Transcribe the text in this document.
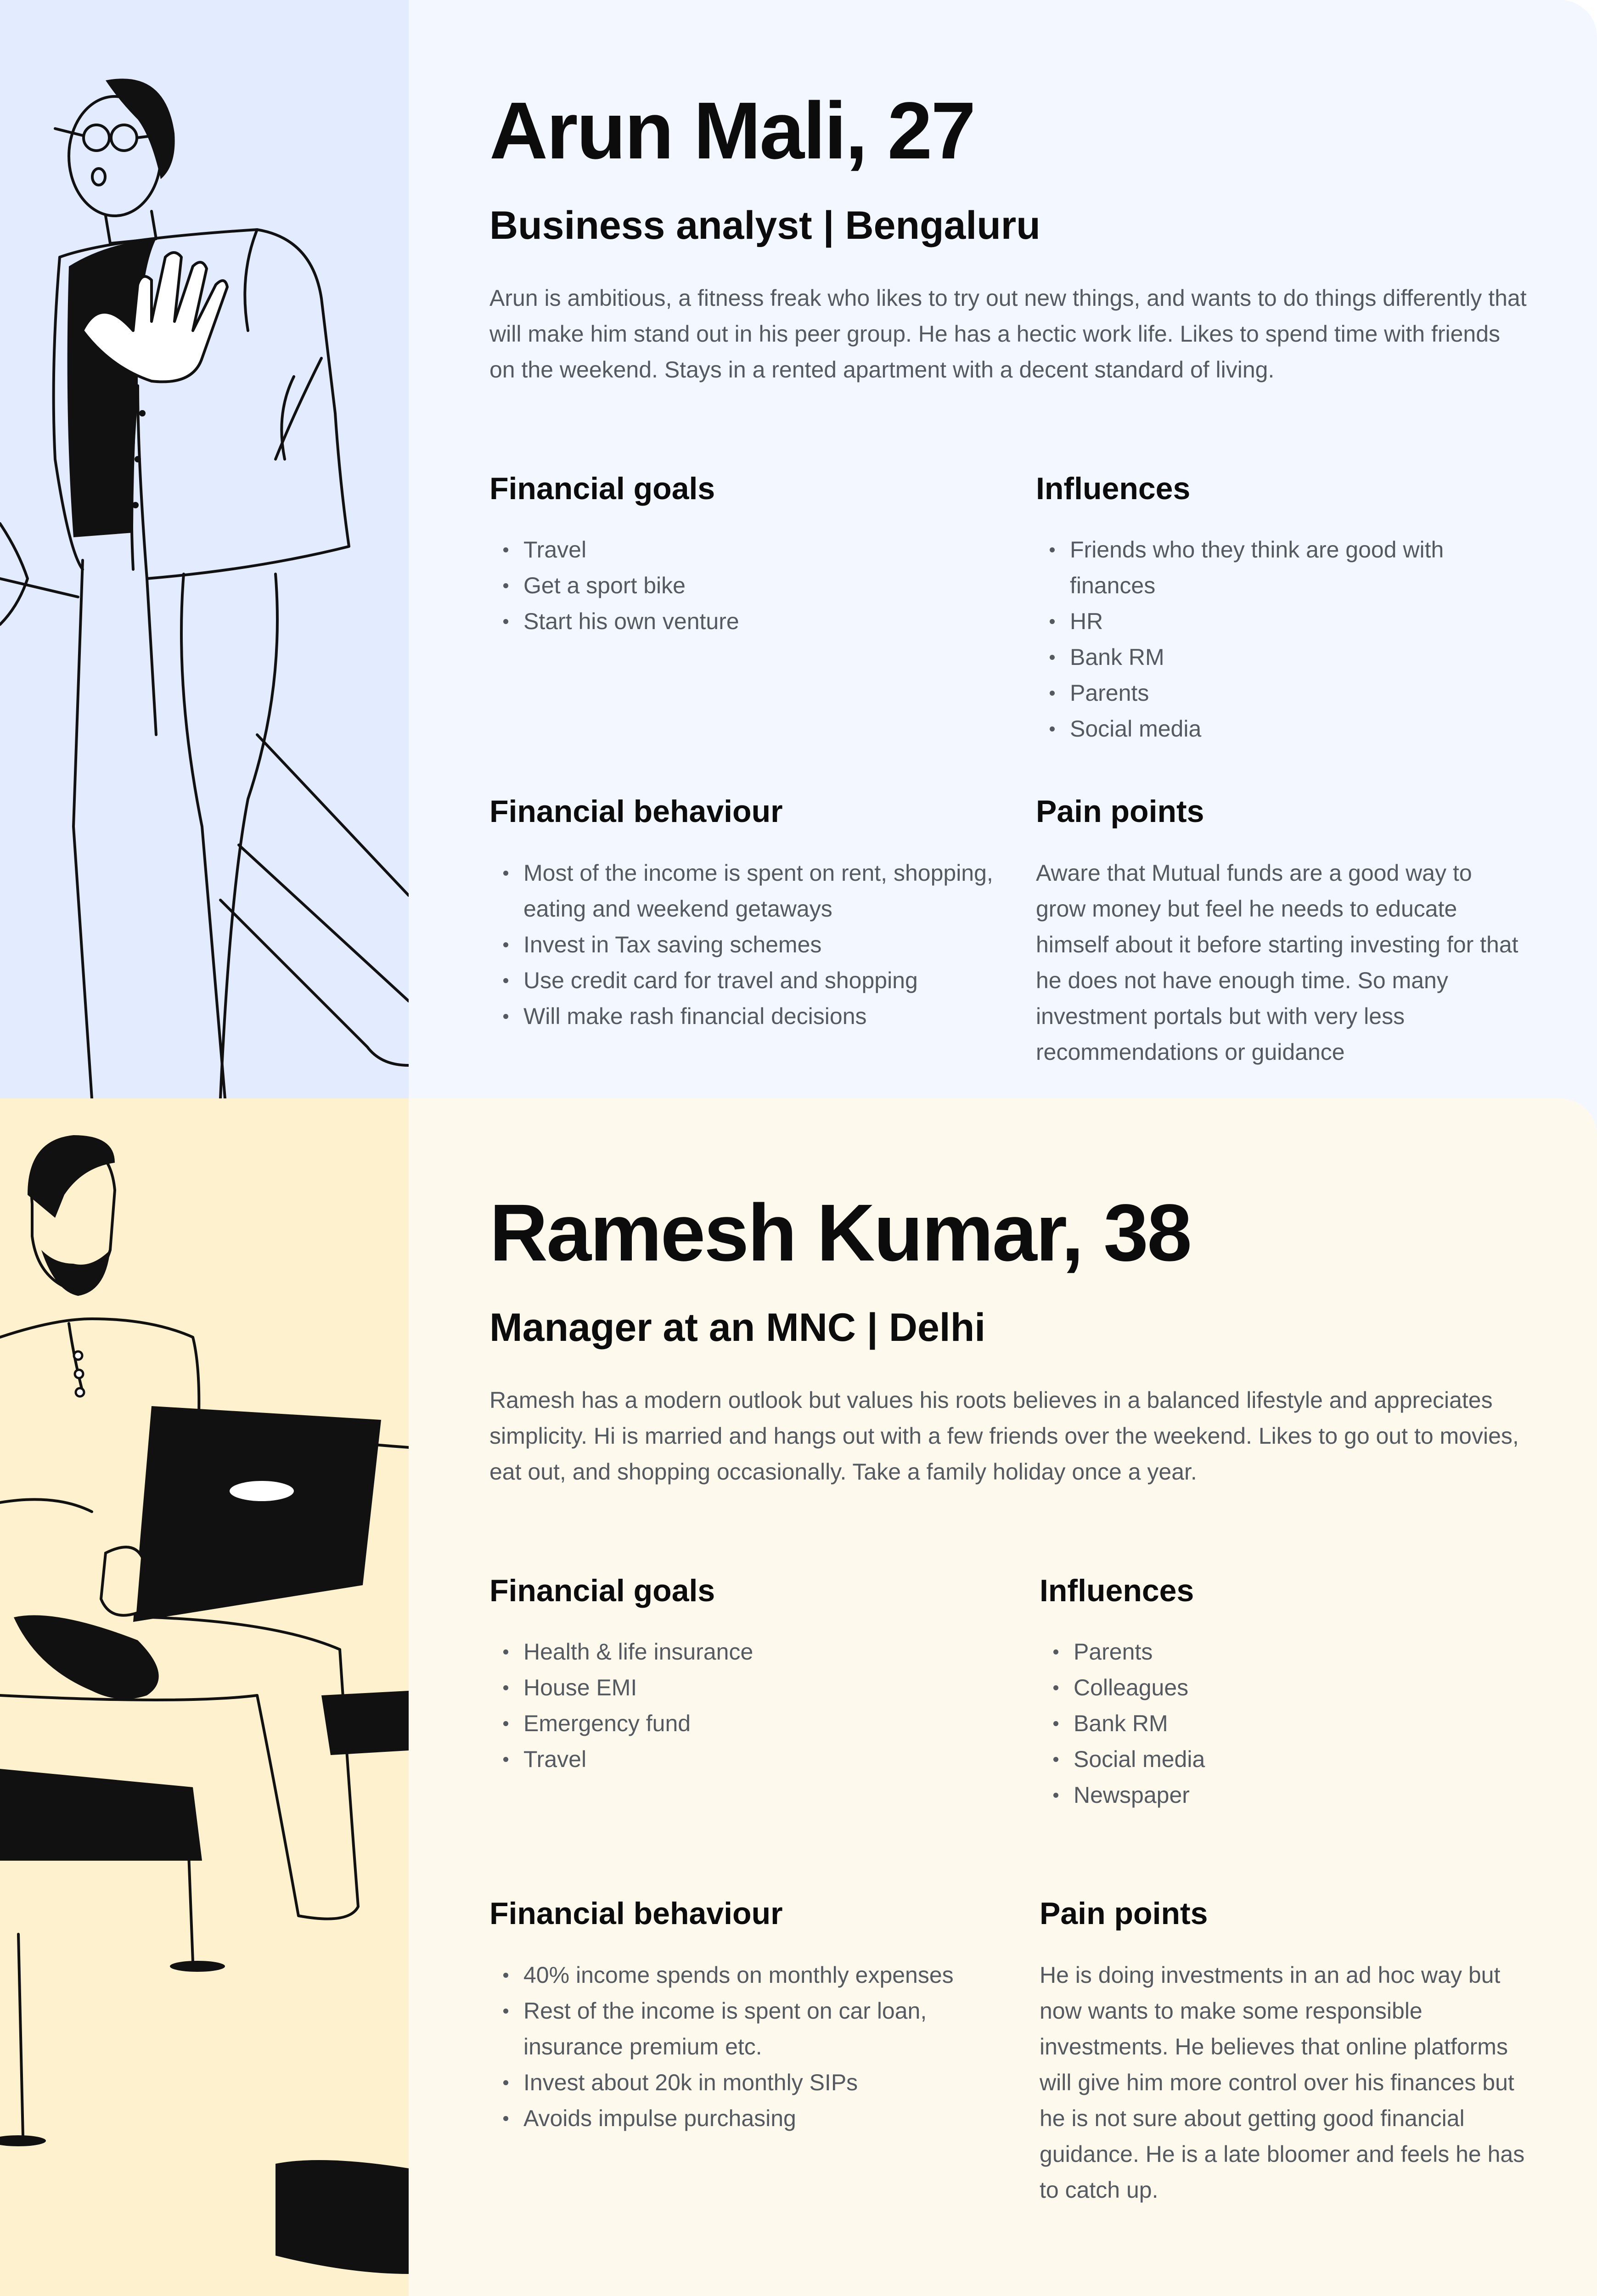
Arun Mali, 27
Business analyst | Bengaluru
Arun is ambitious, a fitness freak who likes to try out new things, and wants to do things differently that will make him stand out in his peer group. He has a hectic work life. Likes to spend time with friends on the weekend. Stays in a rented apartment with a decent standard of living.
Financial goals
Travel
Get a sport bike
Start his own venture
Influences
Friends who they think are good with finances
HR
Bank RM
Parents
Social media
Financial behaviour
Most of the income is spent on rent, shopping, eating and weekend getaways
Invest in Tax saving schemes
Use credit card for travel and shopping
Will make rash financial decisions
Pain points
Aware that Mutual funds are a good way to grow money but feel he needs to educate himself about it before starting investing for that he does not have enough time. So many investment portals but with very less recommendations or guidance
Ramesh Kumar, 38
Manager at an MNC | Delhi
Ramesh has a modern outlook but values his roots believes in a balanced lifestyle and appreciates simplicity. Hi is married and hangs out with a few friends over the weekend. Likes to go out to movies, eat out, and shopping occasionally. Take a family holiday once a year.
Financial goals
Health & life insurance
House EMI
Emergency fund
Travel
Influences
Parents
Colleagues
Bank RM
Social media
Newspaper
Financial behaviour
40% income spends on monthly expenses
Rest of the income is spent on car loan, insurance premium etc.
Invest about 20k in monthly SIPs
Avoids impulse purchasing
Pain points
He is doing investments in an ad hoc way but now wants to make some responsible investments. He believes that online platforms will give him more control over his finances but he is not sure about getting good financial guidance. He is a late bloomer and feels he has to catch up.
